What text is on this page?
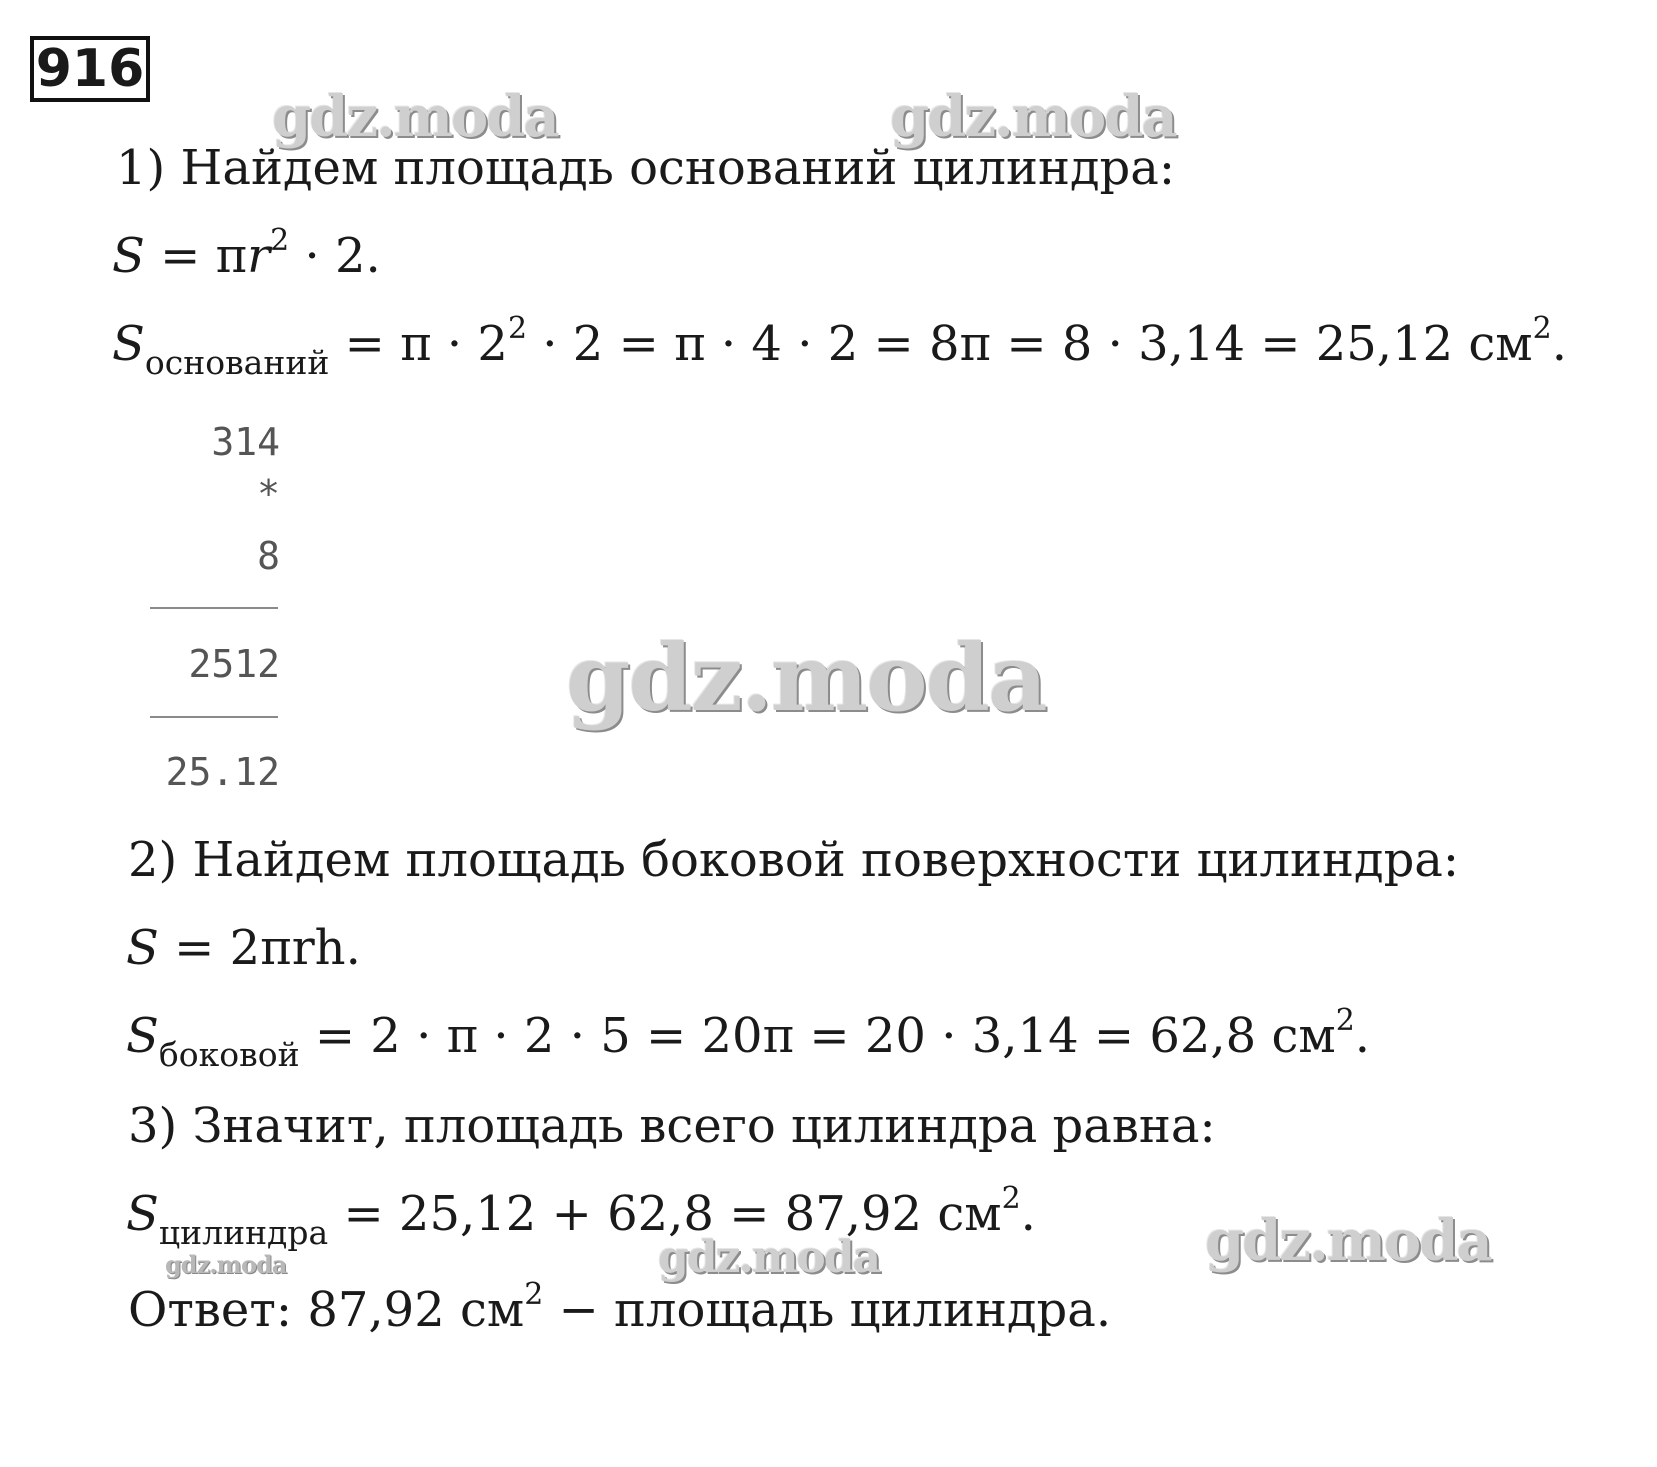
916
gdz.moda	gdz.moda
gdz.moda
gdz.moda
gdz.moda
gdz.moda
1) Найдем площадь оснований цилиндра:
$S = \pi r^2 \cdot 2$.
$S_{оснований} = \pi \cdot 2^2 \cdot 2 = \pi \cdot 4 \cdot 2 = 8\pi = 8 \cdot 3,14 = 25,12$ $см^2$.
314
*
8
2512
25.12
2) Найдем площадь боковой поверхности цилиндра:
S = 2πrh.
$S_{боковой} = 2 \cdot \pi \cdot 2 \cdot 5 = 20\pi = 20 \cdot 3,14 = 62,8$ $см^2$.
3) Значит, площадь всего цилиндра равна:
$S_{цилиндра} = 25,12 + 62,8 = 87,92$ $см^2$.
Ответ: 87,92 $см^2$ − площадь цилиндра.
